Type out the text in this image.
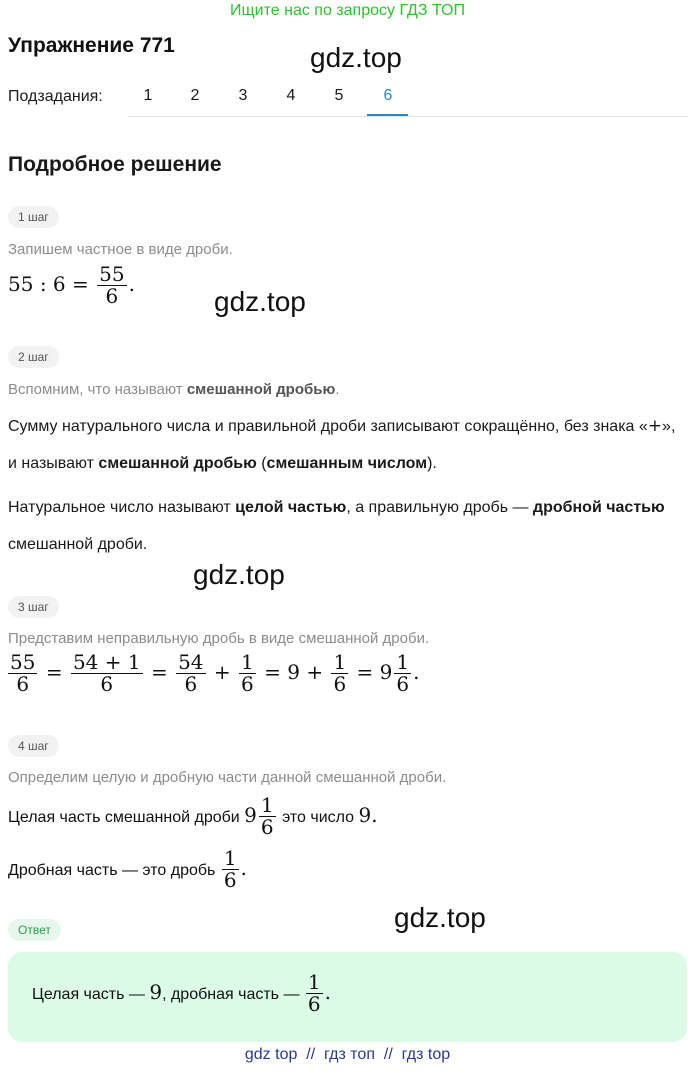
Ищите нас по запросу ГДЗ ТОП
Упражнение 771	gdz.top
Подзадания:	1	2	3	4	5	6
Подробное решение
1 шаг
Запишем частное в виде дроби.
55 : $6 = \frac{55}{6}$ .
gdz.top
2 шаг
Вспомним, что называют смешанной дробью.
Сумму натурального числа и правильной дроби записывают сокращённо, без знака «+», и называют смешанной дробью (смешанным числом).
Натуральное число называют целой частью, а правильную дробь — дробной частью смешанной дроби.
gdz.top
3 шаг
Представим неправильную дробь в виде смешанной дроби.
$\frac{55}{6} = \frac{54 + 1}{6} = \frac{54}{6} + \frac{1}{6} = 9 + \frac{1}{6} = 9 \frac{1}{6}$ .
4 шаг
Определим целую и дробную части данной смешанной дроби.
Целая часть смешанной дроби $9 \frac{1}{6}$ это число 9.
Дробная часть — это дробь $\frac{1}{6}$ .
gdz.top
Ответ
Целая часть — 9, дробная часть — $\frac{1}{6}$ .
gdz top  //  гдз топ  //  гдз top
